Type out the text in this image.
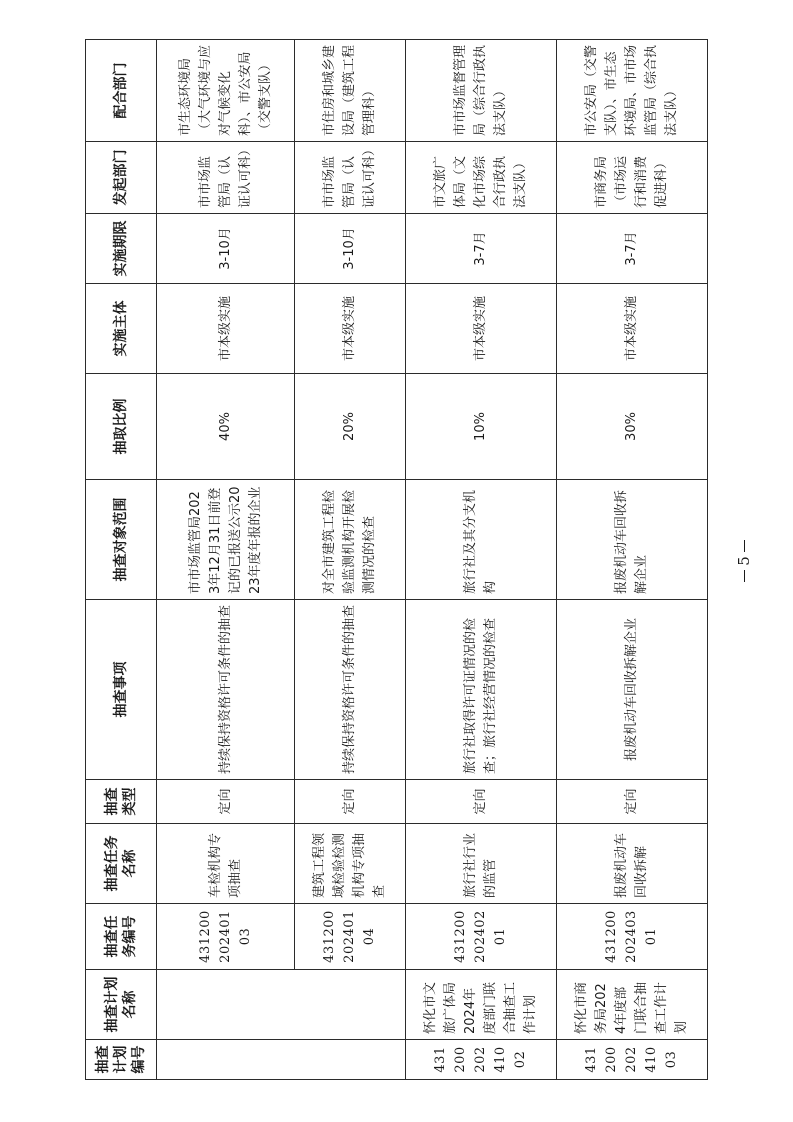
抽查计划编号	抽查计划名称	抽查任务编号	抽查任务名称	抽查类型	抽查事项	抽查对象范围	抽取比例	实施主体	实施期限	发起部门	配合部门
		43120020240103	车检机构专项抽查	定向	持续保持资格许可条件的抽查	市市场监管局2023年12月31日前登记的已报送公示2023年度年报的企业	40%	市本级实施	3-10月	市市场监管局（认证认可科）	市生态环境局（大气环境与应对气候变化科）、市公安局（交警支队）
		43120020240104	建筑工程领域检验检测机构专项抽查	定向	持续保持资格许可条件的抽查	对全市建筑工程检验监测机构开展检测情况的检查	20%	市本级实施	3-10月	市市场监管局（认证认可科）	市住房和城乡建设局（建筑工程管理科）
43120020241002	怀化市文旅广体局2024年度部门联合抽查工作计划	43120020240201	旅行社行业的监管	定向	旅行社取得许可证情况的检查；旅行社经营情况的检查	旅行社及其分支机构	10%	市本级实施	3-7月	市文旅广体局（文化市场综合行政执法支队）	市市场监督管理局（综合行政执法支队）
43120020241003	怀化市商务局2024年度部门联合抽查工作计划	43120020240301	报废机动车回收拆解	定向	报废机动车回收拆解企业	报废机动车回收拆解企业	30%	市本级实施	3-7月	市商务局（市场运行和消费促进科）	市公安局（交警支队）、市生态环境局、市市场监管局（综合执法支队）
5
